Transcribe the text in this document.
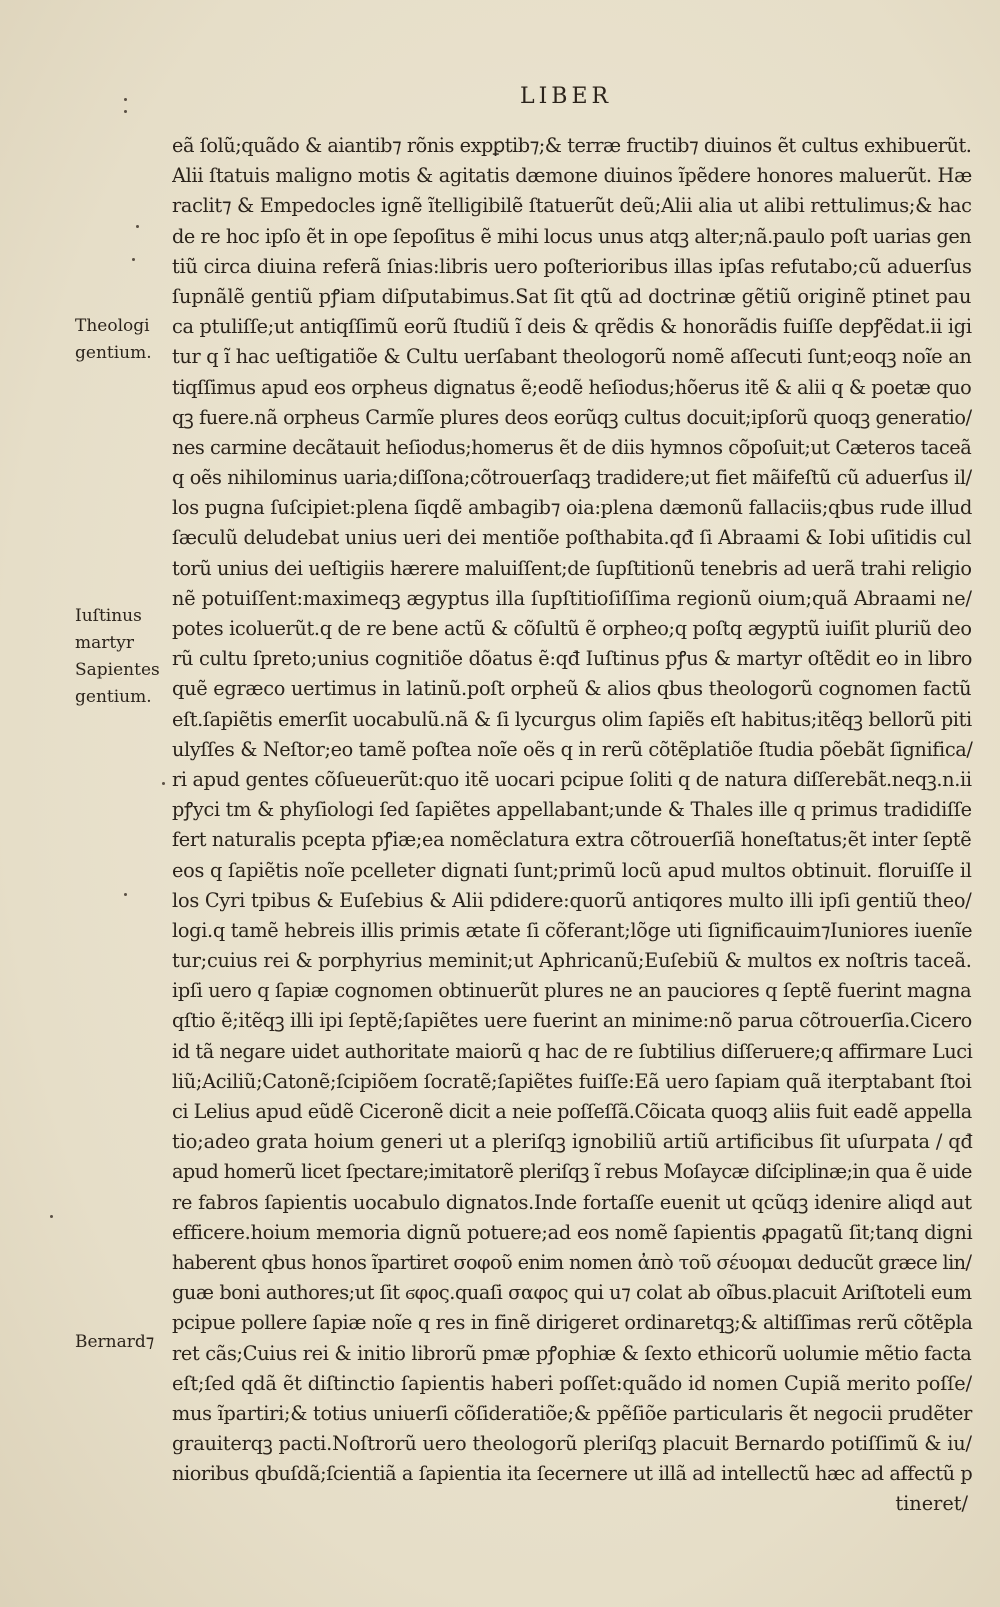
LIBER
eã ſolũ;quãdo & aiantib⁊ rõnis expꝑtib⁊;& terræ fructib⁊ diuinos ẽt cultus exhibuerũt.
Alii ſtatuis maligno motis & agitatis dæmone diuinos ĩpẽdere honores maluerũt. Hæ
raclit⁊ & Empedocles ignẽ ĩtelligibilẽ ſtatuerũt deũ;Alii alia ut alibi rettulimus;& hac
de re hoc ipſo ẽt in ope ſepoſitus ẽ mihi locus unus atqꝫ alter;nã.paulo poſt uarias gen
tiũ circa diuina referã ſnias:libris uero poſterioribus illas ipſas refutabo;cũ aduerſus
ſupnãlẽ gentiũ pꝭiam diſputabimus.Sat ſit qtũ ad doctrinæ gẽtiũ originẽ ptinet pau
ca ptuliſſe;ut antiqſſimũ eorũ ſtudiũ ĩ deis & qrẽdis & honorãdis fuiſſe depꝭẽdat.ii igi
tur q ĩ hac ueſtigatiõe & Cultu uerſabant theologorũ nomẽ aſſecuti ſunt;eoqꝫ noĩe an
tiqſſimus apud eos orpheus dignatus ẽ;eodẽ heſiodus;hõerus itẽ & alii q & poetæ quo
qꝫ fuere.nã orpheus Carmĩe plures deos eorũqꝫ cultus docuit;ipſorũ quoqꝫ generatio/
nes carmine decãtauit heſiodus;homerus ẽt de diis hymnos cõpoſuit;ut Cæteros taceã
q oẽs nihilominus uaria;diſſona;cõtrouerſaqꝫ tradidere;ut fiet mãifeſtũ cũ aduerſus il/
los pugna ſuſcipiet:plena ſiqdẽ ambagib⁊ oia:plena dæmonũ fallaciis;qbus rude illud
ſæculũ deludebat unius ueri dei mentiõe poſthabita.qđ ſi Abraami & Iobi uſitidis cul
torũ unius dei ueſtigiis hærere maluiſſent;de ſupſtitionũ tenebris ad uerã trahi religio
nẽ potuiſſent:maximeqꝫ ægyptus illa ſupſtitioſiſſima regionũ oium;quã Abraami ne/
potes icoluerũt.q de re bene actũ & cõſultũ ẽ orpheo;q poſtq ægyptũ iuiſit pluriũ deo
rũ cultu ſpreto;unius cognitiõe dõatus ẽ:qđ Iuſtinus pꝭus & martyr oſtẽdit eo in libro
quẽ egræco uertimus in latinũ.poſt orpheũ & alios qbus theologorũ cognomen factũ
eſt.ſapiẽtis emerſit uocabulũ.nã & ſi lycurgus olim ſapiẽs eſt habitus;itẽqꝫ bellorũ piti
ulyſſes & Neſtor;eo tamẽ poſtea noĩe oẽs q in rerũ cõtẽplatiõe ſtudia põebãt ſignifica/
ri apud gentes cõſueuerũt:quo itẽ uocari pcipue ſoliti q de natura diſſerebãt.neqꝫ.n.ii
pꝭyci tm & phyſiologi ſed ſapiẽtes appellabant;unde & Thales ille q primus tradidiſſe
fert naturalis pcepta pꝭiæ;ea nomẽclatura extra cõtrouerſiã honeſtatus;ẽt inter ſeptẽ
eos q ſapiẽtis noĩe pcelleter dignati ſunt;primũ locũ apud multos obtinuit. floruiſſe il
los Cyri tpibus & Euſebius & Alii pdidere:quorũ antiqores multo illi ipſi gentiũ theo/
logi.q tamẽ hebreis illis primis ætate ſi cõferant;lõge uti ſignificauim⁊Iuniores iuenĩe
tur;cuius rei & porphyrius meminit;ut Aphricanũ;Euſebiũ & multos ex noſtris taceã.
ipſi uero q ſapiæ cognomen obtinuerũt plures ne an pauciores q ſeptẽ fuerint magna
qſtio ẽ;itẽqꝫ illi ipi ſeptẽ;ſapiẽtes uere fuerint an minime:nõ parua cõtrouerſia.Cicero
id tã negare uidet authoritate maiorũ q hac de re ſubtilius diſſeruere;q affirmare Luci
liũ;Aciliũ;Catonẽ;ſcipiõem ſocratẽ;ſapiẽtes fuiſſe:Eã uero ſapiam quã iterptabant ſtoi
ci Lelius apud eũdẽ Ciceronẽ dicit a neie poſſeſſã.Cõicata quoqꝫ aliis fuit eadẽ appella
tio;adeo grata hoium generi ut a pleriſqꝫ ignobiliũ artiũ artificibus ſit uſurpata / qđ
apud homerũ licet ſpectare;imitatorẽ pleriſqꝫ ĩ rebus Moſaycæ diſciplinæ;in qua ẽ uide
re fabros ſapientis uocabulo dignatos.Inde fortaſſe euenit ut qcũqꝫ idenire aliqd aut
efficere.hoium memoria dignũ potuere;ad eos nomẽ ſapientis ꝓpagatũ ſit;tanq digni
haberent qbus honos ĩpartiret σοφοῦ enim nomen ἀπὸ τοῦ σέυομαι deducũt græce lin/
guæ boni authores;ut ſit ϭφος.quaſi σαφος qui u⁊ colat ab oĩbus.placuit Ariſtoteli eum
pcipue pollere ſapiæ noĩe q res in finẽ dirigeret ordinaretqꝫ;& altiſſimas rerũ cõtẽpla
ret cãs;Cuius rei & initio librorũ pmæ pꝭophiæ & ſexto ethicorũ uolumie mẽtio facta
eſt;ſed qdã ẽt diſtinctio ſapientis haberi poſſet:quãdo id nomen Cupiã merito poſſe/
mus ĩpartiri;& totius uniuerſi cõſideratiõe;& ppẽſiõe particularis ẽt negocii prudẽter
grauiterqꝫ pacti.Noſtrorũ uero theologorũ pleriſqꝫ placuit Bernardo potiſſimũ & iu/
nioribus qbuſdã;ſcientiã a ſapientia ita ſecernere ut illã ad intellectũ hæc ad affectũ p
tineret/
Theologi
gentium.
Iuſtinus
martyr
Sapientes
gentium.
Bernard⁊
